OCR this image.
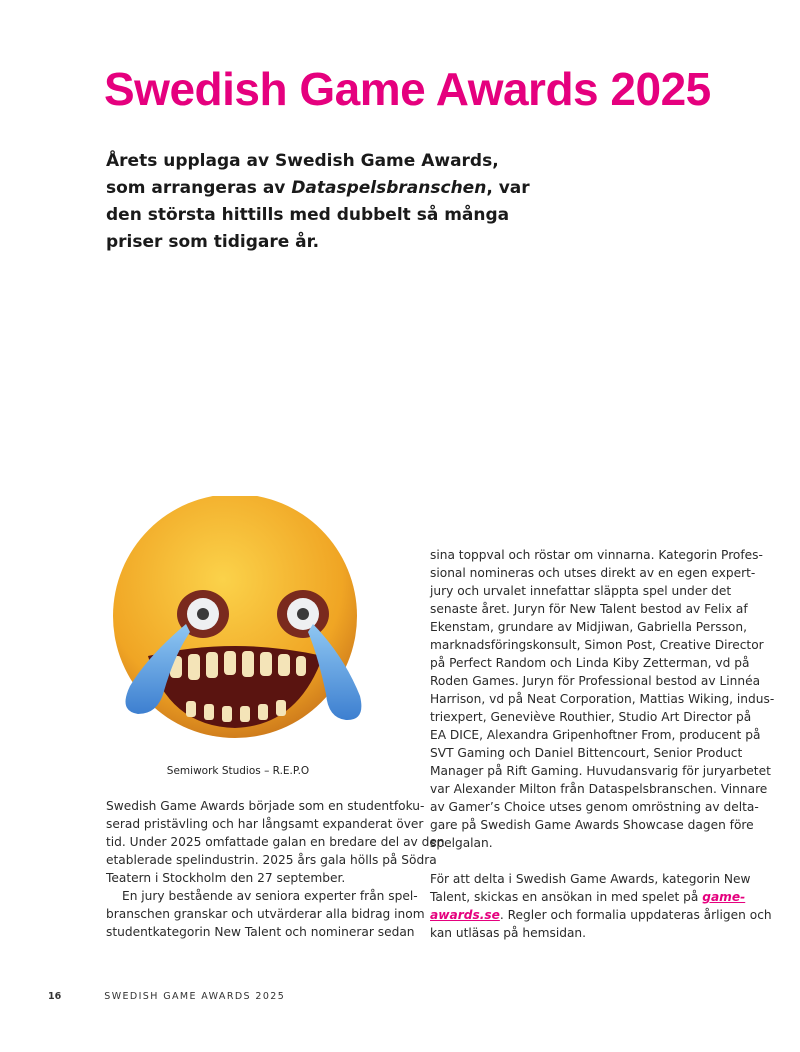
Swedish Game Awards 2025

Årets upplaga av Swedish Game Awards,
som arrangeras av Dataspelsbranschen, var
den största hittills med dubbelt så många
priser som tidigare år.

Semiwork Studios – R.E.P.O
Swedish Game Awards började som en studentfoku-
serad pristävling och har långsamt expanderat över
tid. Under 2025 omfattade galan en bredare del av den
etablerade spelindustrin. 2025 års gala hölls på Södra
Teatern i Stockholm den 27 september.
En jury bestående av seniora experter från spel-
branschen granskar och utvärderar alla bidrag inom
studentkategorin New Talent och nominerar sedan
sina toppval och röstar om vinnarna. Kategorin Profes-
sional nomineras och utses direkt av en egen expert-
jury och urvalet innefattar släppta spel under det
senaste året. Juryn för New Talent bestod av Felix af
Ekenstam, grundare av Midjiwan, Gabriella Persson,
marknadsföringskonsult, Simon Post, Creative Director
på Perfect Random och Linda Kiby Zetterman, vd på
Roden Games. Juryn för Professional bestod av Linnéa
Harrison, vd på Neat Corporation, Mattias Wiking, indus-
triexpert, Geneviève Routhier, Studio Art Director på
EA DICE, Alexandra Gripenhoftner From, producent på
SVT Gaming och Daniel Bittencourt, Senior Product
Manager på Rift Gaming. Huvudansvarig för juryarbetet
var Alexander Milton från Dataspelsbranschen. Vinnare
av Gamer’s Choice utses genom omröstning av delta-
gare på Swedish Game Awards Showcase dagen före
spelgalan.
För att delta i Swedish Game Awards, kategorin New
Talent, skickas en ansökan in med spelet på game-
awards.se. Regler och formalia uppdateras årligen och
kan utläsas på hemsidan.
16	SWEDISH GAME AWARDS 2025
